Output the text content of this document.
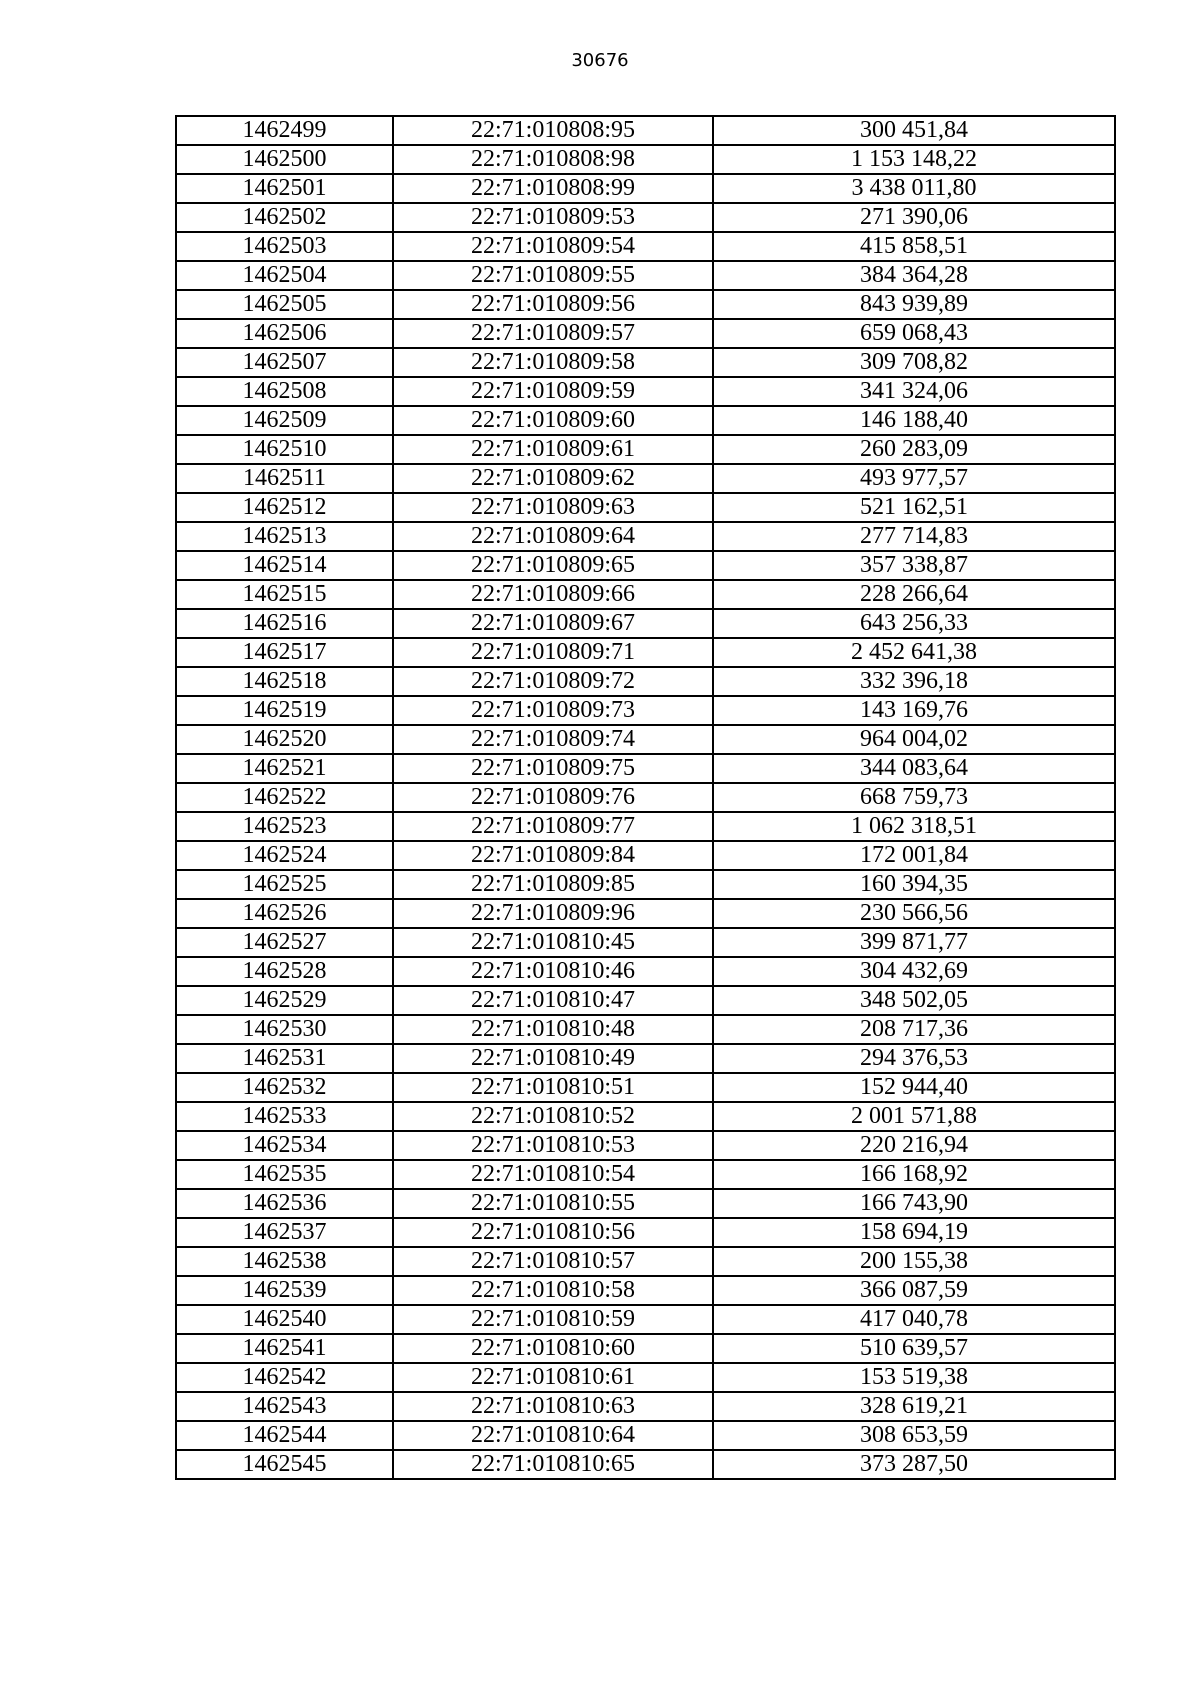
30676
1462499	22:71:010808:95	300 451,84
1462500	22:71:010808:98	1 153 148,22
1462501	22:71:010808:99	3 438 011,80
1462502	22:71:010809:53	271 390,06
1462503	22:71:010809:54	415 858,51
1462504	22:71:010809:55	384 364,28
1462505	22:71:010809:56	843 939,89
1462506	22:71:010809:57	659 068,43
1462507	22:71:010809:58	309 708,82
1462508	22:71:010809:59	341 324,06
1462509	22:71:010809:60	146 188,40
1462510	22:71:010809:61	260 283,09
1462511	22:71:010809:62	493 977,57
1462512	22:71:010809:63	521 162,51
1462513	22:71:010809:64	277 714,83
1462514	22:71:010809:65	357 338,87
1462515	22:71:010809:66	228 266,64
1462516	22:71:010809:67	643 256,33
1462517	22:71:010809:71	2 452 641,38
1462518	22:71:010809:72	332 396,18
1462519	22:71:010809:73	143 169,76
1462520	22:71:010809:74	964 004,02
1462521	22:71:010809:75	344 083,64
1462522	22:71:010809:76	668 759,73
1462523	22:71:010809:77	1 062 318,51
1462524	22:71:010809:84	172 001,84
1462525	22:71:010809:85	160 394,35
1462526	22:71:010809:96	230 566,56
1462527	22:71:010810:45	399 871,77
1462528	22:71:010810:46	304 432,69
1462529	22:71:010810:47	348 502,05
1462530	22:71:010810:48	208 717,36
1462531	22:71:010810:49	294 376,53
1462532	22:71:010810:51	152 944,40
1462533	22:71:010810:52	2 001 571,88
1462534	22:71:010810:53	220 216,94
1462535	22:71:010810:54	166 168,92
1462536	22:71:010810:55	166 743,90
1462537	22:71:010810:56	158 694,19
1462538	22:71:010810:57	200 155,38
1462539	22:71:010810:58	366 087,59
1462540	22:71:010810:59	417 040,78
1462541	22:71:010810:60	510 639,57
1462542	22:71:010810:61	153 519,38
1462543	22:71:010810:63	328 619,21
1462544	22:71:010810:64	308 653,59
1462545	22:71:010810:65	373 287,50
